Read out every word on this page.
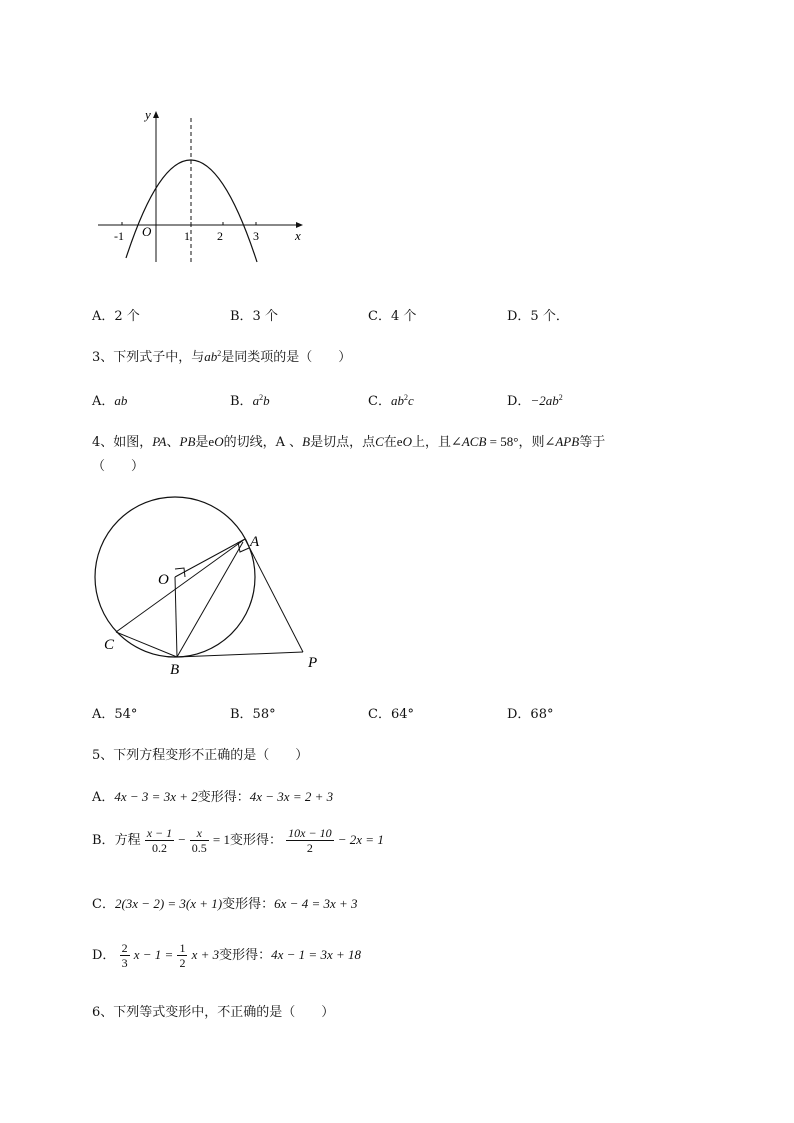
y
x
O
-1	1 2	3
A．2 个	B．3 个	C．4 个	D．5 个．
3、下列式子中，与$ab^2$是同类项的是（　　）
A．ab	B．$a^2b$	C．$ab^2c$	D．$-2ab^2$
4、如图，PA、PB是eO的切线，A 、B是切点，点C在eO上，且∠ACB = 58°，则∠APB等于
（　　）
A
O
C
B	P
A．54°	B．58°	C．64°	D．68°
5、下列方程变形不正确的是（　　）
A．4x − 3 = 3x + 2变形得：4x − 3x = 2 + 3
B．方程 $\frac{x - 1}{0.2} - \frac{x}{0.5} = 1$变形得： $\frac{10x - 10}{2} - 2x = 1$
C．2(3x − 2) = 3(x + 1)变形得：6x − 4 = 3x + 3
D． $\frac{2}{3}$ $x - 1 = \frac{1}{2}$ x + 3变形得：4x − 1 = 3x + 18
6、下列等式变形中，不正确的是（　　）
